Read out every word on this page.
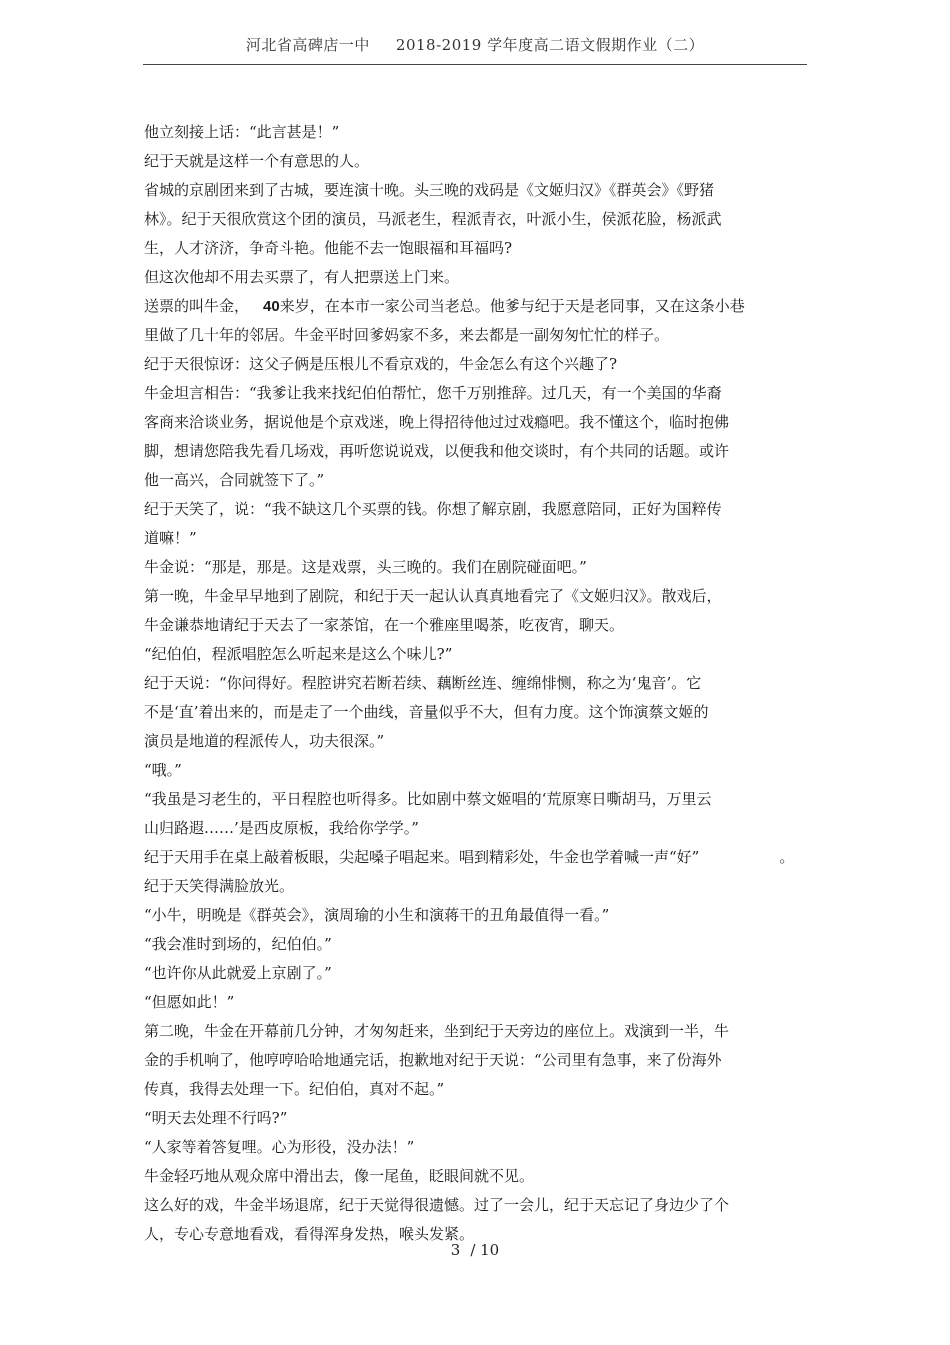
河北省高碑店一中 2018-2019 学年度高二语文假期作业（二）
他立刻接上话：“此言甚是！”
纪于天就是这样一个有意思的人。
省城的京剧团来到了古城，要连演十晚。头三晚的戏码是《文姬归汉》《群英会》《野猪
林》。纪于天很欣赏这个团的演员，马派老生，程派青衣，叶派小生，侯派花脸，杨派武
生，人才济济，争奇斗艳。他能不去一饱眼福和耳福吗?
但这次他却不用去买票了，有人把票送上门来。
送票的叫牛金， 40来岁，在本市一家公司当老总。他爹与纪于天是老同事，又在这条小巷
里做了几十年的邻居。牛金平时回爹妈家不多，来去都是一副匆匆忙忙的样子。
纪于天很惊讶：这父子俩是压根儿不看京戏的，牛金怎么有这个兴趣了?
牛金坦言相告：“我爹让我来找纪伯伯帮忙，您千万别推辞。过几天，有一个美国的华裔
客商来洽谈业务，据说他是个京戏迷，晚上得招待他过过戏瘾吧。我不懂这个，临时抱佛
脚，想请您陪我先看几场戏，再听您说说戏，以便我和他交谈时，有个共同的话题。或许
他一高兴，合同就签下了。”
纪于天笑了，说：“我不缺这几个买票的钱。你想了解京剧，我愿意陪同，正好为国粹传
道嘛！”
牛金说：“那是，那是。这是戏票，头三晚的。我们在剧院碰面吧。”
第一晚，牛金早早地到了剧院，和纪于天一起认认真真地看完了《文姬归汉》。散戏后，
牛金谦恭地请纪于天去了一家茶馆，在一个雅座里喝茶，吃夜宵，聊天。
“纪伯伯，程派唱腔怎么听起来是这么个味儿?”
纪于天说：“你问得好。程腔讲究若断若续、藕断丝连、缠绵悱恻，称之为‘鬼音’。它
不是‘直’着出来的，而是走了一个曲线，音量似乎不大，但有力度。这个饰演蔡文姬的
演员是地道的程派传人，功夫很深。”
“哦。”
“我虽是习老生的，平日程腔也听得多。比如剧中蔡文姬唱的‘荒原寒日嘶胡马，万里云
山归路遐……’是西皮原板，我给你学学。”
纪于天用手在桌上敲着板眼，尖起嗓子唱起来。唱到精彩处，牛金也学着喊一声“好”	。
纪于天笑得满脸放光。
“小牛，明晚是《群英会》，演周瑜的小生和演蒋干的丑角最值得一看。”
“我会准时到场的，纪伯伯。”
“也许你从此就爱上京剧了。”
“但愿如此！”
第二晚，牛金在开幕前几分钟，才匆匆赶来，坐到纪于天旁边的座位上。戏演到一半，牛
金的手机响了，他哼哼哈哈地通完话，抱歉地对纪于天说：“公司里有急事，来了份海外
传真，我得去处理一下。纪伯伯，真对不起。”
“明天去处理不行吗?”
“人家等着答复哩。心为形役，没办法！”
牛金轻巧地从观众席中滑出去，像一尾鱼，眨眼间就不见。
这么好的戏，牛金半场退席，纪于天觉得很遗憾。过了一会儿，纪于天忘记了身边少了个
人，专心专意地看戏，看得浑身发热，喉头发紧。
3 / 10
